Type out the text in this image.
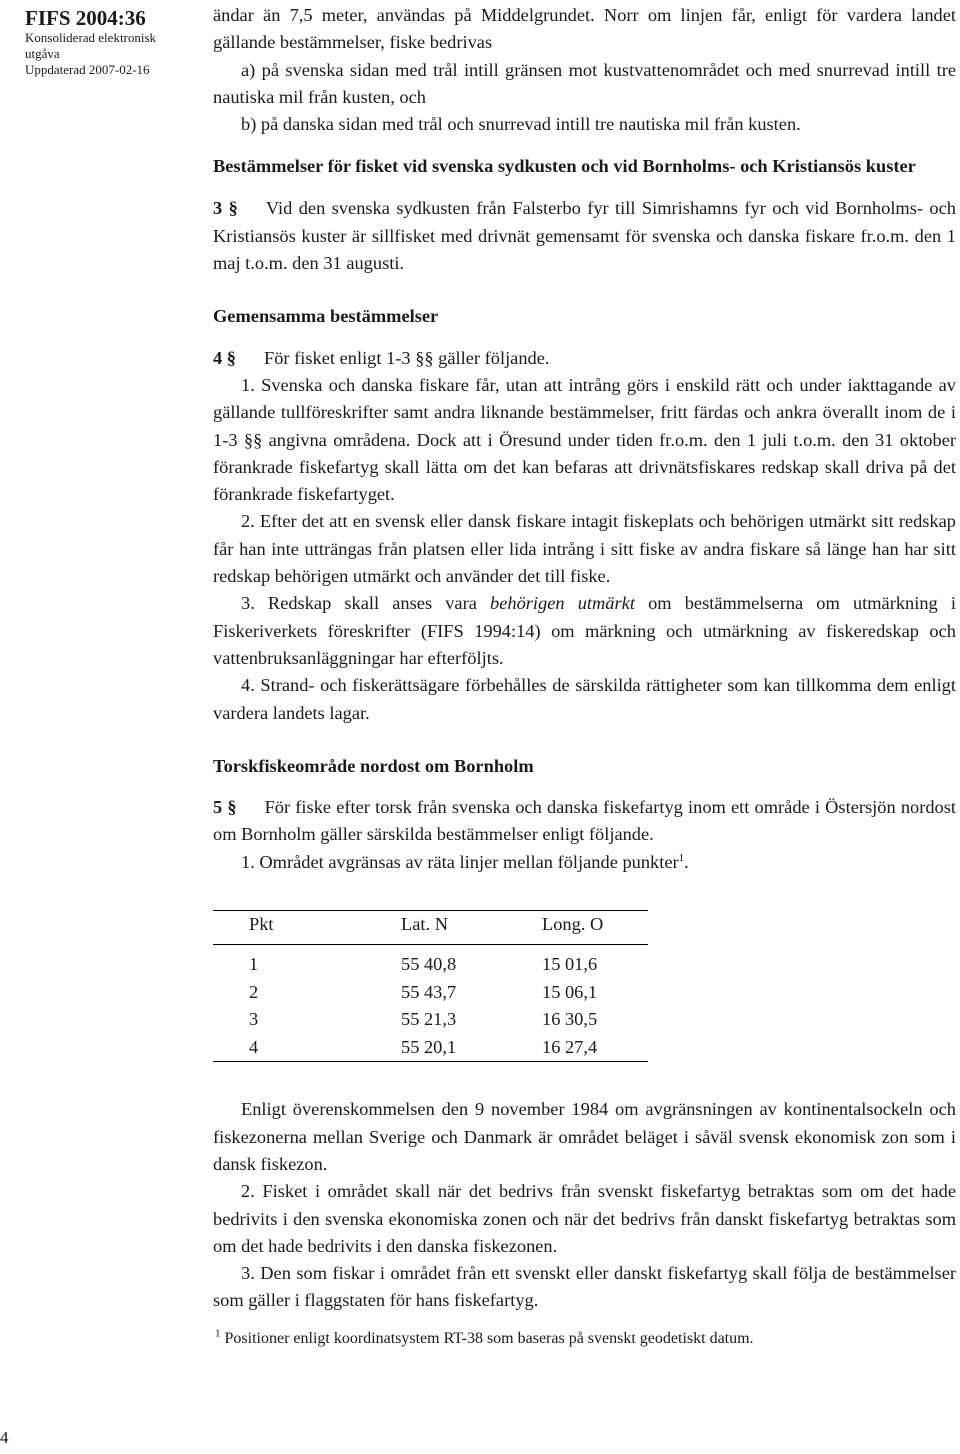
FIFS 2004:36
Konsoliderad elektronisk
utgåva
Uppdaterad 2007-02-16
4

ändar än 7,5 meter, användas på Middelgrundet. Norr om linjen får, enligt för vardera landet gällande bestämmelser, fiske bedrivas

a) på svenska sidan med trål intill gränsen mot kustvattenområdet och med snurrevad intill tre nautiska mil från kusten, och

b) på danska sidan med trål och snurrevad intill tre nautiska mil från kusten.

Bestämmelser för fisket vid svenska sydkusten och vid Bornholms- och Kristiansös kuster

3 § Vid den svenska sydkusten från Falsterbo fyr till Simrishamns fyr och vid Bornholms- och Kristiansös kuster är sillfisket med drivnät gemensamt för svenska och danska fiskare fr.o.m. den 1 maj t.o.m. den 31 augusti.

Gemensamma bestämmelser

4 § För fisket enligt 1-3 §§ gäller följande.

1. Svenska och danska fiskare får, utan att intrång görs i enskild rätt och under iakttagande av gällande tullföreskrifter samt andra liknande bestämmelser, fritt färdas och ankra överallt inom de i 1-3 §§ angivna områdena. Dock att i Öresund under tiden fr.o.m. den 1 juli t.o.m. den 31 oktober förankrade fiskefartyg skall lätta om det kan befaras att drivnätsfiskares redskap skall driva på det förankrade fiskefartyget.

2. Efter det att en svensk eller dansk fiskare intagit fiskeplats och behörigen utmärkt sitt redskap får han inte utträngas från platsen eller lida intrång i sitt fiske av andra fiskare så länge han har sitt redskap behörigen utmärkt och använder det till fiske.

3. Redskap skall anses vara behörigen utmärkt om bestämmelserna om utmärkning i Fiskeriverkets föreskrifter (FIFS 1994:14) om märkning och utmärkning av fiskeredskap och vattenbruksanläggningar har efterföljts.

4. Strand- och fiskerättsägare förbehålles de särskilda rättigheter som kan tillkomma dem enligt vardera landets lagar.

Torskfiskeområde nordost om Bornholm

5 § För fiske efter torsk från svenska och danska fiskefartyg inom ett område i Östersjön nordost om Bornholm gäller särskilda bestämmelser enligt följande.

1. Området avgränsas av räta linjer mellan följande punkter$^1$.

Pkt	Lat. N	Long. O
1	55 40,8	15 01,6
2	55 43,7	15 06,1
3	55 21,3	16 30,5
4	55 20,1	16 27,4

Enligt överenskommelsen den 9 november 1984 om avgränsningen av kontinentalsockeln och fiskezonerna mellan Sverige och Danmark är området beläget i såväl svensk ekonomisk zon som i dansk fiskezon.

2. Fisket i området skall när det bedrivs från svenskt fiskefartyg betraktas som om det hade bedrivits i den svenska ekonomiska zonen och när det bedrivs från danskt fiskefartyg betraktas som om det hade bedrivits i den danska fiskezonen.

3. Den som fiskar i området från ett svenskt eller danskt fiskefartyg skall följa de bestämmelser som gäller i flaggstaten för hans fiskefartyg.

$^1$ Positioner enligt koordinatsystem RT-38 som baseras på svenskt geodetiskt datum.
